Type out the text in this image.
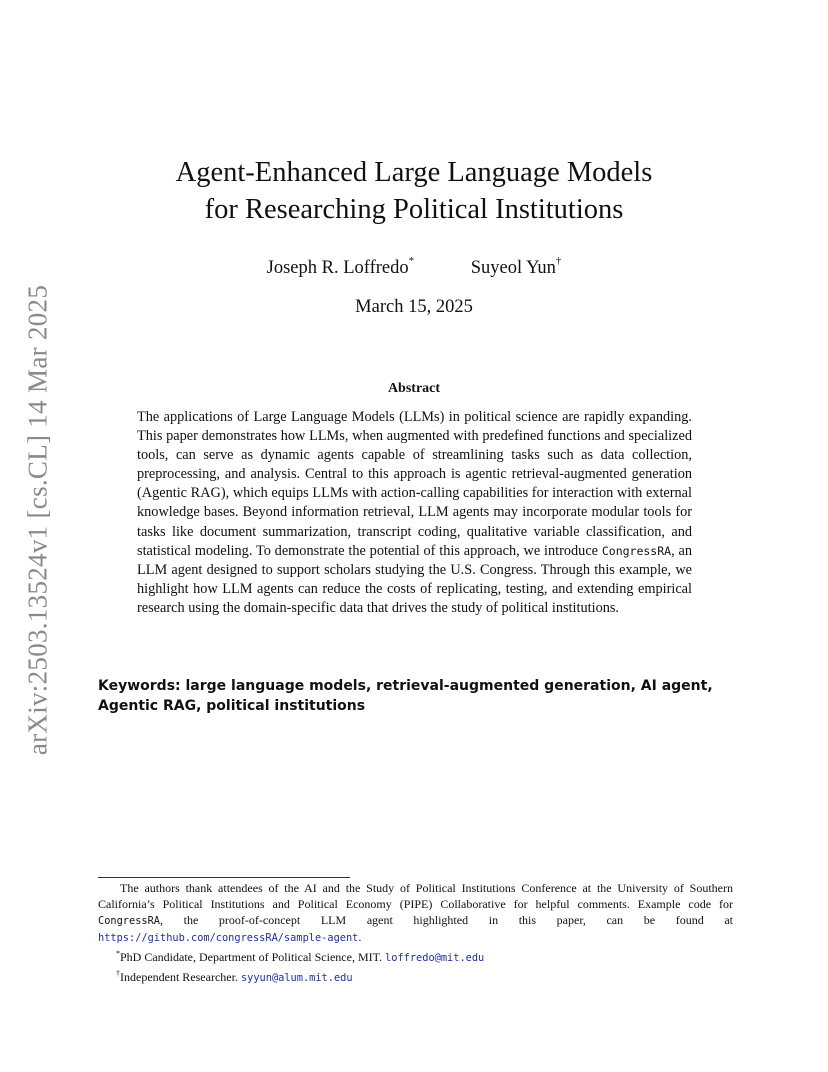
arXiv:2503.13524v1 [cs.CL] 14 Mar 2025
Agent-Enhanced Large Language Models
for Researching Political Institutions
Joseph R. Loffredo*	Suyeol Yun†
March 15, 2025
Abstract

The applications of Large Language Models (LLMs) in political science are rapidly expanding. This paper demonstrates how LLMs, when augmented with predefined functions and specialized tools, can serve as dynamic agents capable of streamlining tasks such as data collection, preprocessing, and analysis. Central to this approach is agentic retrieval-augmented generation (Agentic RAG), which equips LLMs with action-calling capabilities for interaction with external knowledge bases. Beyond information retrieval, LLM agents may incorporate modular tools for tasks like document summarization, transcript coding, qualitative variable classification, and statistical modeling. To demonstrate the potential of this approach, we introduce CongressRA, an LLM agent designed to support scholars studying the U.S. Congress. Through this example, we highlight how LLM agents can reduce the costs of replicating, testing, and extending empirical research using the domain-specific data that drives the study of political institutions.

Keywords: large language models, retrieval-augmented generation, AI agent, Agentic RAG, political institutions

The authors thank attendees of the AI and the Study of Political Institutions Conference at the University of Southern California’s Political Institutions and Political Economy (PIPE) Collaborative for helpful comments. Example code for CongressRA, the proof-of-concept LLM agent highlighted in this paper, can be found at https://github.com/congressRA/sample-agent.

*PhD Candidate, Department of Political Science, MIT. loffredo@mit.edu

†Independent Researcher. syyun@alum.mit.edu
